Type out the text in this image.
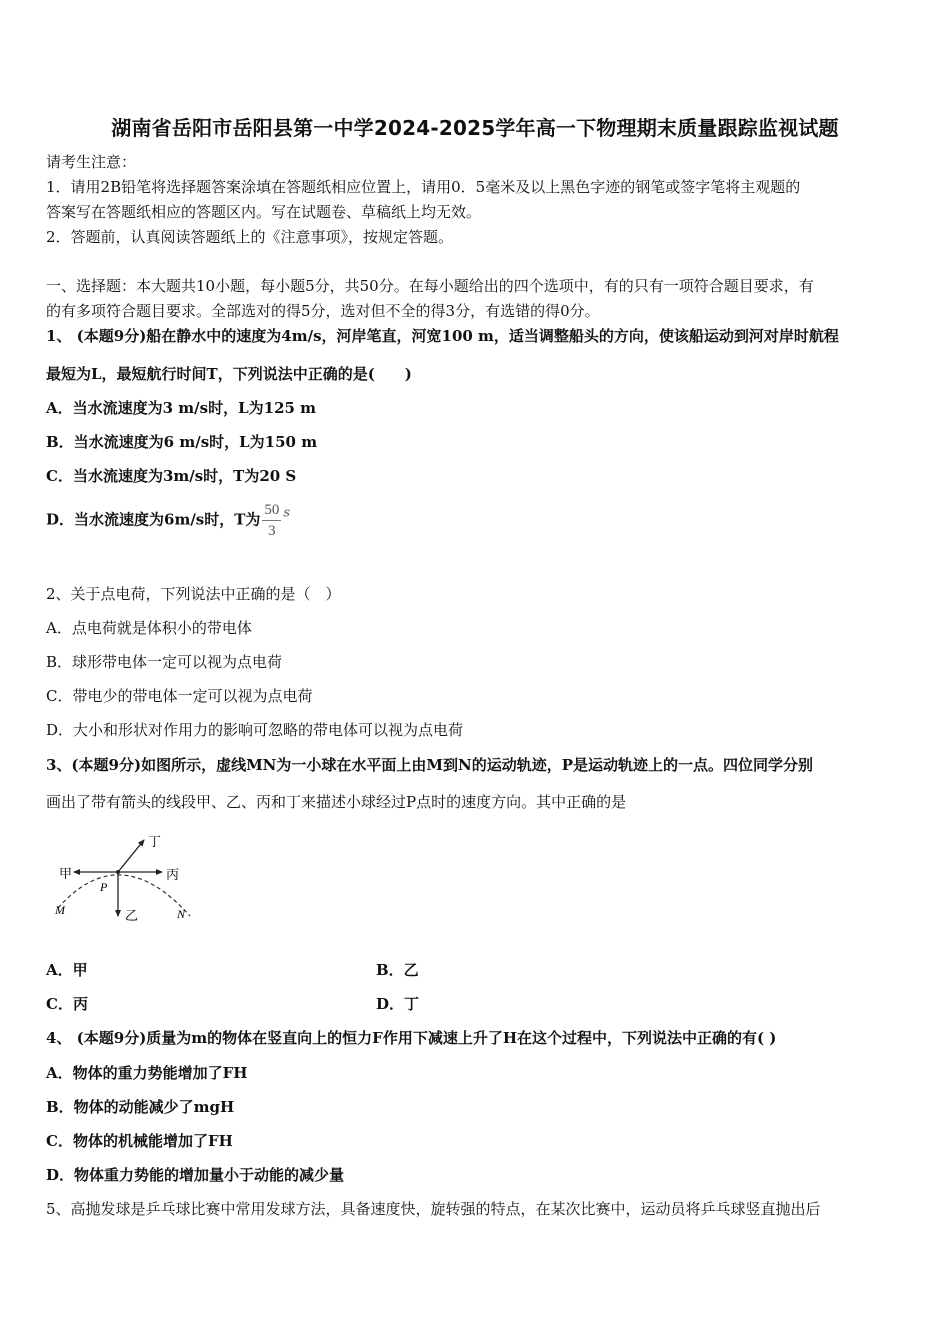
湖南省岳阳市岳阳县第一中学2024-2025学年高一下物理期末质量跟踪监视试题
请考生注意：
1．请用2B铅笔将选择题答案涂填在答题纸相应位置上，请用0．5毫米及以上黑色字迹的钢笔或签字笔将主观题的
答案写在答题纸相应的答题区内。写在试题卷、草稿纸上均无效。
2．答题前，认真阅读答题纸上的《注意事项》，按规定答题。
一、选择题：本大题共10小题，每小题5分，共50分。在每小题给出的四个选项中，有的只有一项符合题目要求，有
的有多项符合题目要求。全部选对的得5分，选对但不全的得3分，有选错的得0分。
1、 (本题9分)船在静水中的速度为4m/s，河岸笔直，河宽100 m，适当调整船头的方向，使该船运动到河对岸时航程
最短为L，最短航行时间T，下列说法中正确的是(　　)
A．当水流速度为3 m/s时，L为125 m
B．当水流速度为6 m/s时，L为150 m
C．当水流速度为3m/s时，T为20 S
D．当水流速度为6m/s时，T为 $\frac{50}{3}$ s
2、关于点电荷，下列说法中正确的是（　）
A．点电荷就是体积小的带电体
B．球形带电体一定可以视为点电荷
C．带电少的带电体一定可以视为点电荷
D．大小和形状对作用力的影响可忽略的带电体可以视为点电荷
3、(本题9分)如图所示，虚线MN为一小球在水平面上由M到N的运动轨迹，P是运动轨迹上的一点。四位同学分别
画出了带有箭头的线段甲、乙、丙和丁来描述小球经过P点时的速度方向。其中正确的是
甲	丙
乙
丁
P
M	N
A．甲	B．乙
C．丙	D．丁
4、 (本题9分)质量为m的物体在竖直向上的恒力F作用下减速上升了H在这个过程中，下列说法中正确的有( )
A．物体的重力势能增加了FH
B．物体的动能减少了mgH
C．物体的机械能增加了FH
D．物体重力势能的增加量小于动能的减少量
5、高抛发球是乒乓球比赛中常用发球方法，具备速度快，旋转强的特点，在某次比赛中，运动员将乒乓球竖直抛出后
